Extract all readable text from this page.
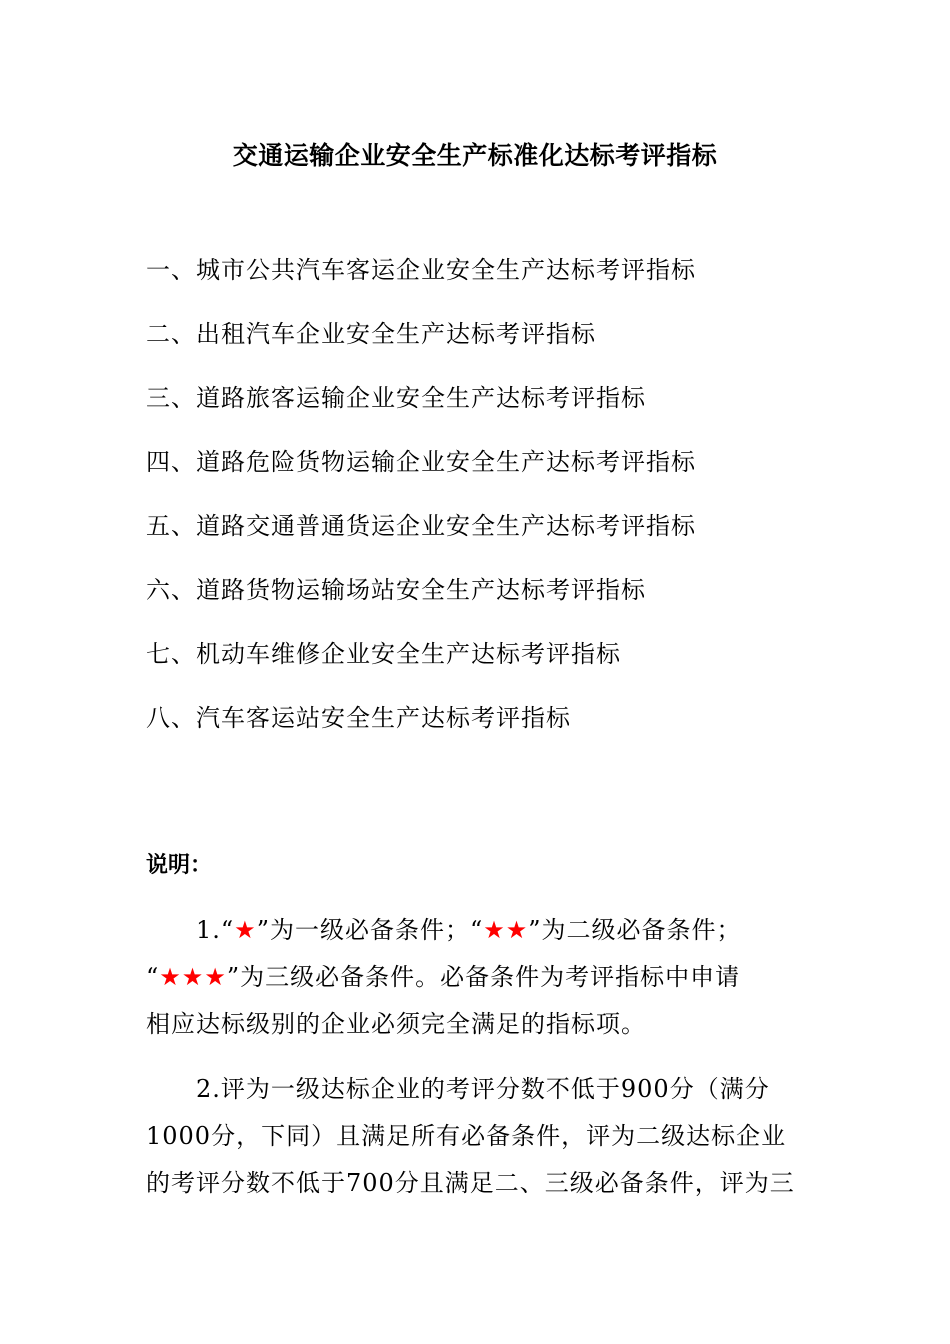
交通运输企业安全生产标准化达标考评指标
一、城市公共汽车客运企业安全生产达标考评指标
二、出租汽车企业安全生产达标考评指标
三、道路旅客运输企业安全生产达标考评指标
四、道路危险货物运输企业安全生产达标考评指标
五、道路交通普通货运企业安全生产达标考评指标
六、道路货物运输场站安全生产达标考评指标
七、机动车维修企业安全生产达标考评指标
八、汽车客运站安全生产达标考评指标
说明：
1.“★”为一级必备条件；“★★”为二级必备条件；
“★★★”为三级必备条件。必备条件为考评指标中申请
相应达标级别的企业必须完全满足的指标项。
2.评为一级达标企业的考评分数不低于900分（满分
1000分，下同）且满足所有必备条件，评为二级达标企业
的考评分数不低于700分且满足二、三级必备条件，评为三
